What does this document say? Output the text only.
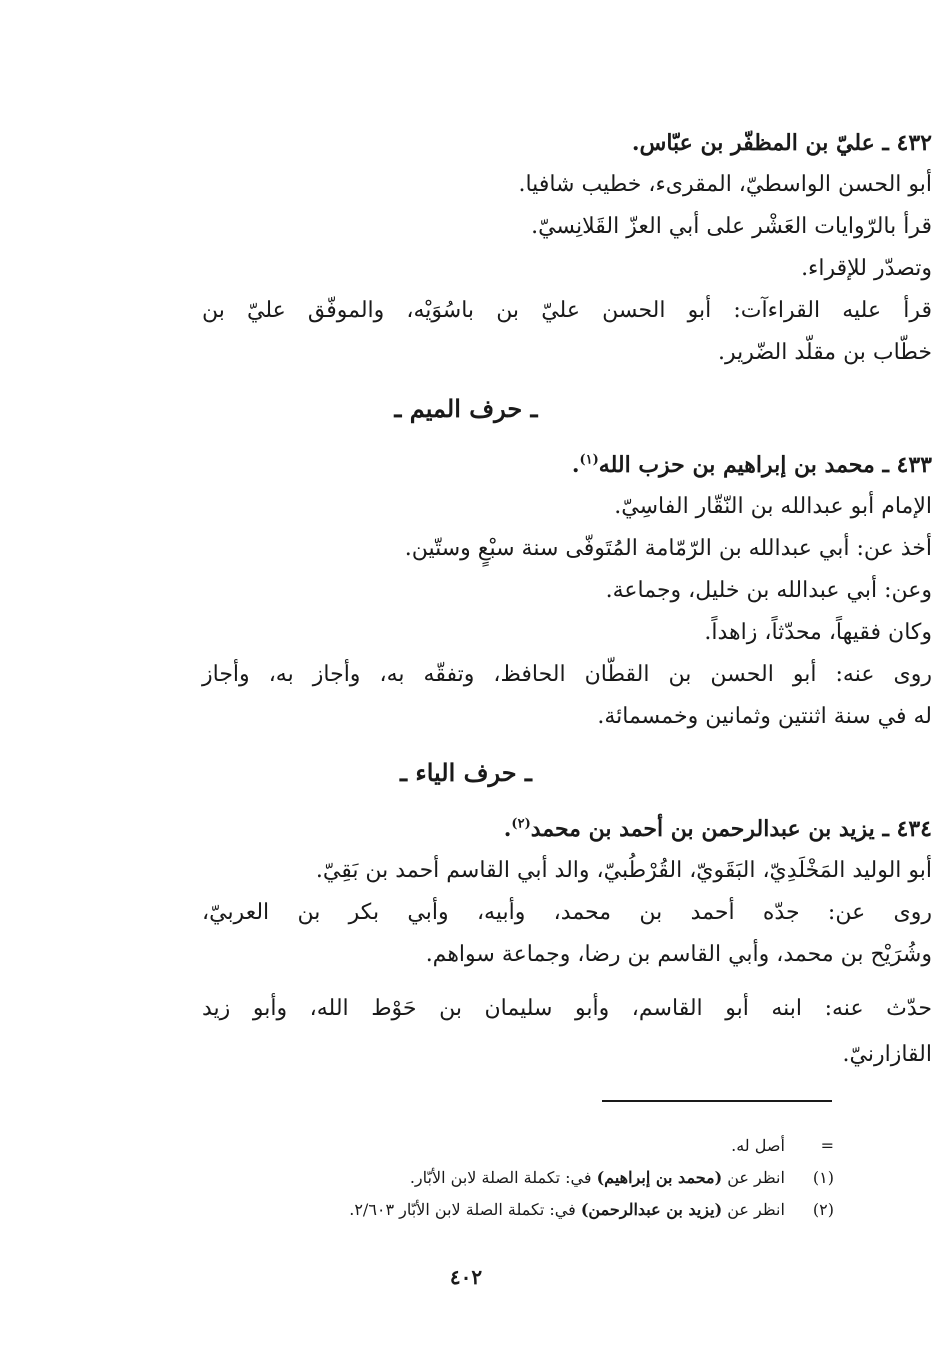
٤٣٢ ـ عليّ بن المظفّر بن عبّاس.
أبو الحسن الواسطيّ، المقرىء، خطيب شافيا.
قرأ بالرّوايات العَشْر على أبي العزّ القَلانِسيّ.
وتصدّر للإقراء.
قرأ عليه القراءآت: أبو الحسن عليّ بن باسُوَيْه، والموفّق عليّ بن
خطّاب بن مقلّد الضّرير.
ـ حرف الميم ـ
٤٣٣ ـ محمد بن إبراهيم بن حزب الله$^{(١)}$.
الإمام أبو عبدالله بن النّقّار الفاسِيّ.
أخذ عن: أبي عبدالله بن الرّمّامة المُتَوفّى سنة سبْعٍ وستّين.
وعن: أبي عبدالله بن خليل، وجماعة.
وكان فقيهاً، محدّثاً، زاهداً.
روى عنه: أبو الحسن بن القطّان الحافظ، وتفقّه به، وأجاز به، وأجاز
له في سنة اثنتين وثمانين وخمسمائة.
ـ حرف الياء ـ
٤٣٤ ـ يزيد بن عبدالرحمن بن أحمد بن محمد$^{(٢)}$.
أبو الوليد المَخْلَدِيّ، البَقَويّ، القُرْطُبيّ، والد أبي القاسم أحمد بن بَقِيّ.
روى عن: جدّه أحمد بن محمد، وأبيه، وأبي بكر بن العربيّ،
وشُرَيْح بن محمد، وأبي القاسم بن رضا، وجماعة سواهم.
حدّث عنه: ابنه أبو القاسم، وأبو سليمان بن حَوْط الله، وأبو زيد
القازارنيّ.
= أصل له.
(١) انظر عن (محمد بن إبراهيم) في: تكملة الصلة لابن الأبّار.
(٢) انظر عن (يزيد بن عبدالرحمن) في: تكملة الصلة لابن الأبّار ٢/٦٠٣.
٤٠٢
